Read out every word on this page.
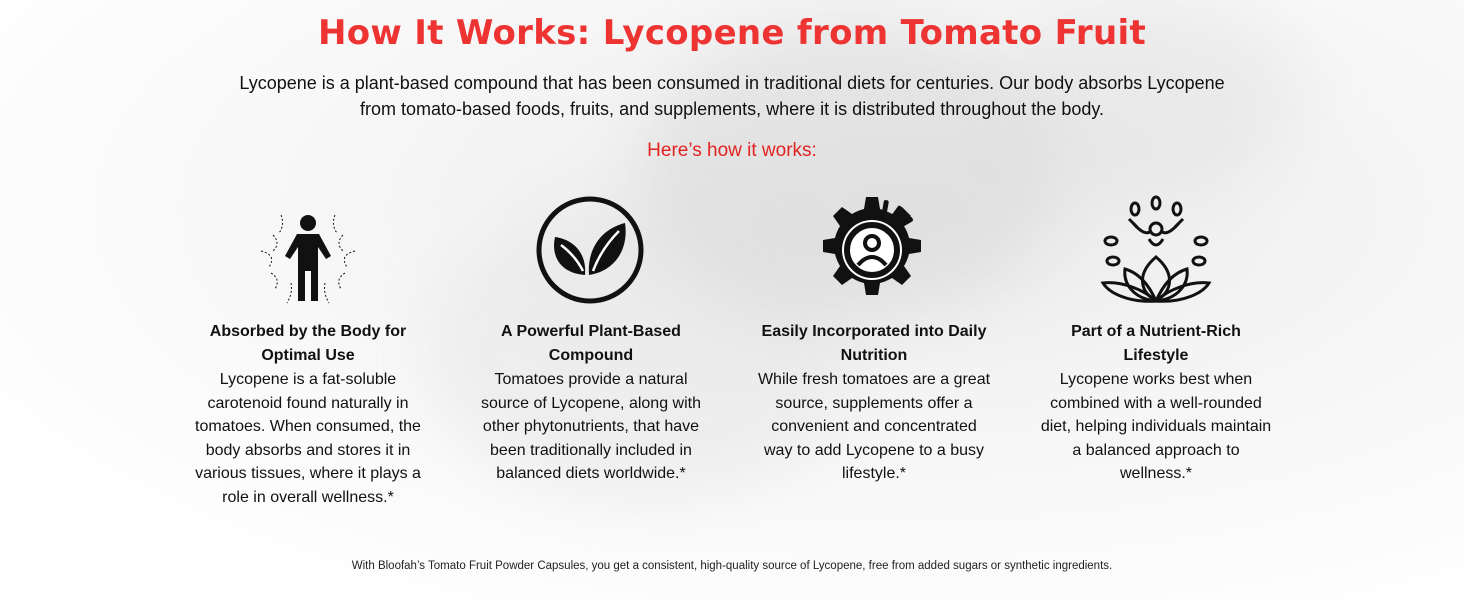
How It Works: Lycopene from Tomato Fruit

Lycopene is a plant-based compound that has been consumed in traditional diets for centuries. Our body absorbs Lycopene from tomato-based foods, fruits, and supplements, where it is distributed throughout the body.

Here’s how it works:

Absorbed by the Body for Optimal Use

Lycopene is a fat-soluble carotenoid found naturally in tomatoes. When consumed, the body absorbs and stores it in various tissues, where it plays a role in overall wellness.*

A Powerful Plant-Based Compound

Tomatoes provide a natural source of Lycopene, along with other phytonutrients, that have been traditionally included in balanced diets worldwide.*

Easily Incorporated into Daily Nutrition

While fresh tomatoes are a great source, supplements offer a convenient and concentrated way to add Lycopene to a busy lifestyle.*

Part of a Nutrient-Rich Lifestyle

Lycopene works best when combined with a well-rounded diet, helping individuals maintain a balanced approach to wellness.*

With Bloofah’s Tomato Fruit Powder Capsules, you get a consistent, high-quality source of Lycopene, free from added sugars or synthetic ingredients.
